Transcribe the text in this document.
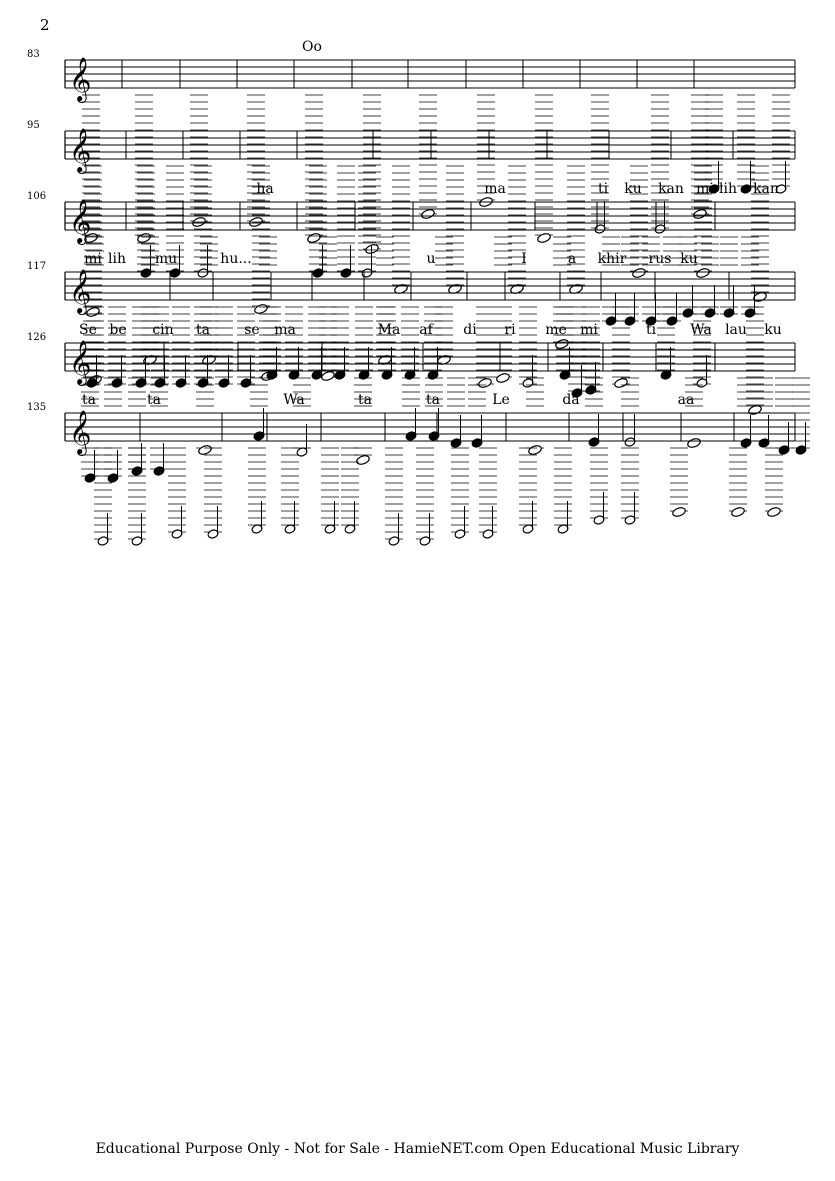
2
𝄞
83	Oo
𝄞
95
𝄞
106	ha	ma	ti ku kan mi lih kan
𝄞
117	mi lih mu	hu...	u	I	a khir rus ku
𝄞
126 Se be cin ta se ma	Ma af di ri me mi	ti Wa lau ku
𝄞
135	ta	ta	Wa	ta	ta	Le	da	aa
Educational Purpose Only - Not for Sale - HamieNET.com Open Educational Music Library
